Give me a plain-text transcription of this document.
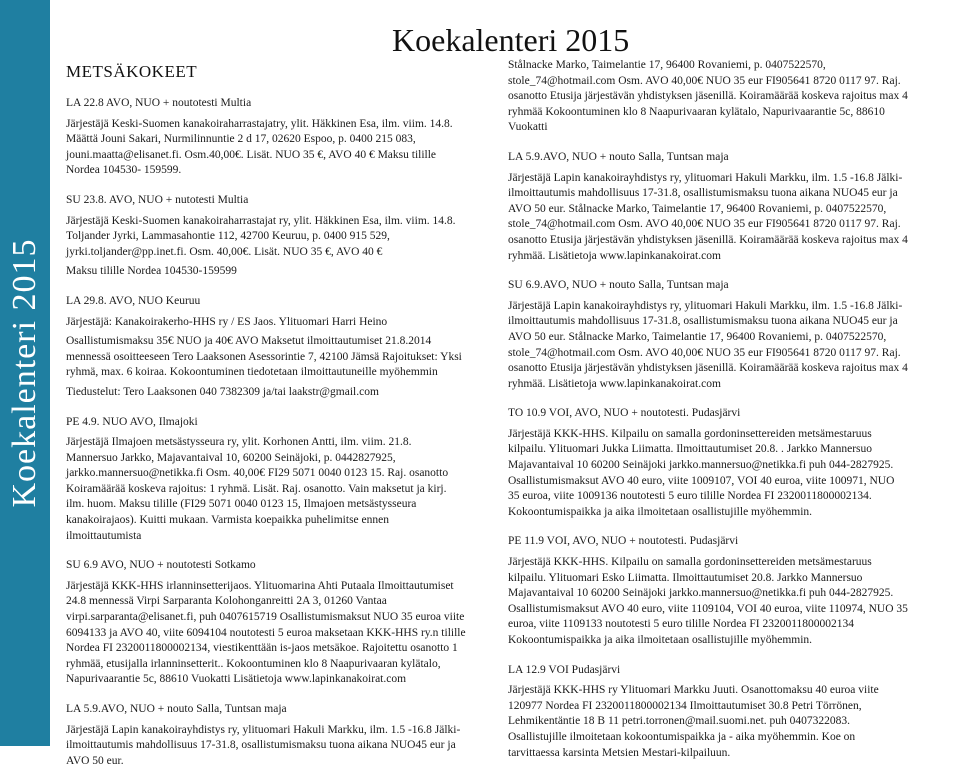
Koekalenteri 2015
Koekalenteri 2015
METSÄKOKEET
LA 22.8 AVO, NUO + noutotesti Multia
Järjestäjä Keski-Suomen kanakoiraharrastajatry, ylit. Häkkinen Esa, ilm. viim. 14.8. Määttä Jouni Sakari, Nurmilinnuntie 2 d 17, 02620 Espoo, p. 0400 215 083, jouni.maatta@elisanet.fi. Osm.40,00€. Lisät. NUO 35 €, AVO 40 € Maksu tilille Nordea 104530- 159599.
SU 23.8. AVO, NUO + nutotesti Multia
Järjestäjä Keski-Suomen kanakoiraharrastajat ry, ylit. Häkkinen Esa, ilm. viim. 14.8. Toljander Jyrki, Lammasahontie 112, 42700 Keuruu, p. 0400 915 529, jyrki.toljander@pp.inet.fi. Osm. 40,00€. Lisät. NUO 35 €, AVO 40 €
Maksu tilille Nordea 104530-159599
LA 29.8. AVO, NUO Keuruu
Järjestäjä: Kanakoirakerho-HHS ry / ES Jaos. Ylituomari Harri Heino
Osallistumismaksu 35€ NUO ja 40€ AVO Maksetut ilmoittautumiset 21.8.2014 mennessä osoitteeseen Tero Laaksonen Asessorintie 7, 42100 Jämsä Rajoitukset: Yksi ryhmä, max. 6 koiraa. Kokoontuminen tiedotetaan ilmoittautuneille myöhemmin
Tiedustelut: Tero Laaksonen 040 7382309 ja/tai laakstr@gmail.com
PE 4.9. NUO AVO, Ilmajoki
Järjestäjä Ilmajoen metsästysseura ry, ylit. Korhonen Antti, ilm. viim. 21.8. Mannersuo Jarkko, Majavantaival 10, 60200 Seinäjoki, p. 0442827925, jarkko.mannersuo@netikka.fi Osm. 40,00€ FI29 5071 0040 0123 15. Raj. osanotto Koiramäärää koskeva rajoitus: 1 ryhmä. Lisät. Raj. osanotto. Vain maksetut ja kirj. ilm. huom. Maksu tilille (FI29 5071 0040 0123 15, Ilmajoen metsästysseura kanakoirajaos). Kuitti mukaan. Varmista koepaikka puhelimitse ennen ilmoittautumista
SU 6.9 AVO, NUO + noutotesti Sotkamo
Järjestäjä KKK-HHS irlanninsetterijaos. Ylituomarina Ahti Putaala Ilmoittautumiset 24.8 mennessä Virpi Sarparanta Kolohonganreitti 2A 3, 01260 Vantaa virpi.sarparanta@elisanet.fi, puh 0407615719 Osallistumismaksut NUO 35 euroa viite 6094133 ja AVO 40, viite 6094104 noutotesti 5 euroa maksetaan KKK-HHS ry.n tilille Nordea FI 2320011800002134, viestikenttään is-jaos metsäkoe. Rajoitettu osanotto 1 ryhmää, etusijalla irlanninsetterit.. Kokoontuminen klo 8 Naapurivaaran kylätalo, Napurivaarantie 5c, 88610 Vuokatti Lisätietoja www.lapinkanakoirat.com
LA 5.9.AVO, NUO + nouto Salla, Tuntsan maja
Järjestäjä Lapin kanakoirayhdistys ry, ylituomari Hakuli Markku, ilm. 1.5 -16.8 Jälki-ilmoittautumis mahdollisuus 17-31.8, osallistumismaksu tuona aikana NUO45 eur ja AVO 50 eur.
Stålnacke Marko, Taimelantie 17, 96400 Rovaniemi, p. 0407522570, stole_74@hotmail.com Osm. AVO 40,00€ NUO 35 eur FI905641 8720 0117 97. Raj. osanotto Etusija järjestävän yhdistyksen jäsenillä. Koiramäärää koskeva rajoitus max 4 ryhmää Kokoontuminen klo 8 Naapurivaaran kylätalo, Napurivaarantie 5c, 88610 Vuokatti
LA 5.9.AVO, NUO + nouto Salla, Tuntsan maja
Järjestäjä Lapin kanakoirayhdistys ry, ylituomari Hakuli Markku, ilm. 1.5 -16.8 Jälki-ilmoittautumis mahdollisuus 17-31.8, osallistumismaksu tuona aikana NUO45 eur ja AVO 50 eur. Stålnacke Marko, Taimelantie 17, 96400 Rovaniemi, p. 0407522570, stole_74@hotmail.com Osm. AVO 40,00€ NUO 35 eur FI905641 8720 0117 97. Raj. osanotto Etusija järjestävän yhdistyksen jäsenillä. Koiramäärää koskeva rajoitus max 4 ryhmää. Lisätietoja www.lapinkanakoirat.com
SU 6.9.AVO, NUO + nouto Salla, Tuntsan maja
Järjestäjä Lapin kanakoirayhdistys ry, ylituomari Hakuli Markku, ilm. 1.5 -16.8 Jälki-ilmoittautumis mahdollisuus 17-31.8, osallistumismaksu tuona aikana NUO45 eur ja AVO 50 eur. Stålnacke Marko, Taimelantie 17, 96400 Rovaniemi, p. 0407522570, stole_74@hotmail.com Osm. AVO 40,00€ NUO 35 eur FI905641 8720 0117 97. Raj. osanotto Etusija järjestävän yhdistyksen jäsenillä. Koiramäärää koskeva rajoitus max 4 ryhmää. Lisätietoja www.lapinkanakoirat.com
TO 10.9 VOI, AVO, NUO + noutotesti. Pudasjärvi
Järjestäjä KKK-HHS. Kilpailu on samalla gordoninsettereiden metsämestaruus kilpailu. Ylituomari Jukka Liimatta. Ilmoittautumiset 20.8. . Jarkko Mannersuo Majavantaival 10 60200 Seinäjoki jarkko.mannersuo@netikka.fi puh 044-2827925. Osallistumismaksut AVO 40 euro, viite 1009107, VOI 40 euroa, viite 100971, NUO 35 euroa, viite 1009136 noutotesti 5 euro tilille Nordea FI 2320011800002134. Kokoontumispaikka ja aika ilmoitetaan osallistujille myöhemmin.
PE 11.9 VOI, AVO, NUO + noutotesti. Pudasjärvi
Järjestäjä KKK-HHS. Kilpailu on samalla gordoninsettereiden metsämestaruus kilpailu. Ylituomari Esko Liimatta. Ilmoittautumiset 20.8. Jarkko Mannersuo Majavantaival 10 60200 Seinäjoki jarkko.mannersuo@netikka.fi puh 044-2827925. Osallistumismaksut AVO 40 euro, viite 1109104, VOI 40 euroa, viite 110974, NUO 35 euroa, viite 1109133 noutotesti 5 euro tilille Nordea FI 2320011800002134 Kokoontumispaikka ja aika ilmoitetaan osallistujille myöhemmin.
LA 12.9 VOI Pudasjärvi
Järjestäjä KKK-HHS ry Ylituomari Markku Juuti. Osanottomaksu 40 euroa viite 120977 Nordea FI 2320011800002134 Ilmoittautumiset 30.8 Petri Törrönen, Lehmikentäntie 18 B 11 petri.torronen@mail.suomi.net. puh 0407322083. Osallistujille ilmoitetaan kokoontumispaikka ja - aika myöhemmin. Koe on tarvittaessa karsinta Metsien Mestari-kilpailuun.
